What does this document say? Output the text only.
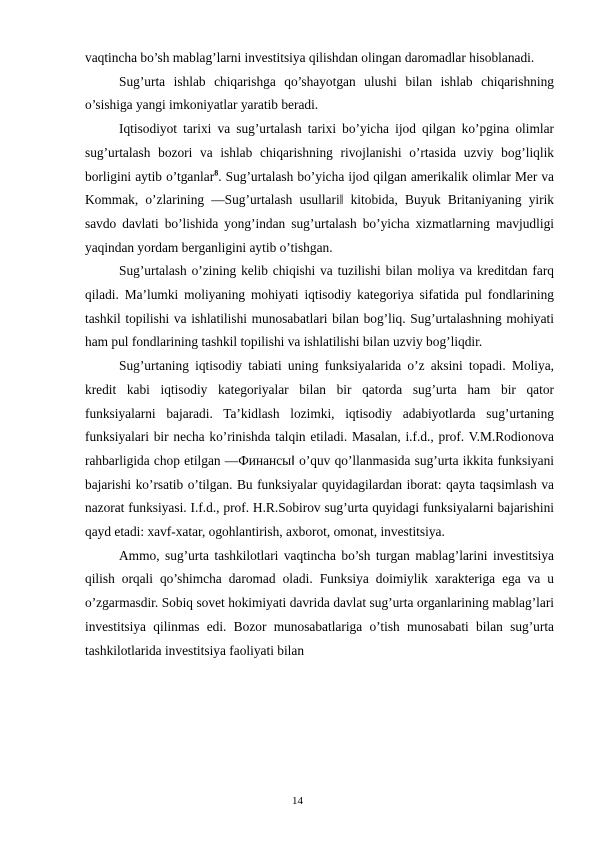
vaqtincha bo’sh mablag’larni investitsiya qilishdan olingan daromadlar hisoblanadi.

Sug’urta ishlab chiqarishga qo’shayotgan ulushi bilan ishlab chiqarishning o’sishiga yangi imkoniyatlar yaratib beradi.

Iqtisodiyot tarixi va sug’urtalash tarixi bo’yicha ijod qilgan ko’pgina olimlar sug’urtalash bozori va ishlab chiqarishning rivojlanishi o’rtasida uzviy bog’liqlik borligini aytib o’tganlar$^8$. Sug’urtalash bo’yicha ijod qilgan amerikalik olimlar Mer va Kommak, o’zlarining ―Sug’urtalash usullari‖ kitobida, Buyuk Britaniyaning yirik savdo davlati bo’lishida yong’indan sug’urtalash bo’yicha xizmatlarning mavjudligi yaqindan yordam berganligini aytib o’tishgan.

Sug’urtalash o’zining kelib chiqishi va tuzilishi bilan moliya va kreditdan farq qiladi. Ma’lumki moliyaning mohiyati iqtisodiy kategoriya sifatida pul fondlarining tashkil topilishi va ishlatilishi munosabatlari bilan bog’liq. Sug’urtalashning mohiyati ham pul fondlarining tashkil topilishi va ishlatilishi bilan uzviy bog’liqdir.

Sug’urtaning iqtisodiy tabiati uning funksiyalarida o’z aksini topadi. Moliya, kredit kabi iqtisodiy kategoriyalar bilan bir qatorda sug’urta ham bir qator funksiyalarni bajaradi. Ta’kidlash lozimki, iqtisodiy adabiyotlarda sug’urtaning funksiyalari bir necha ko’rinishda talqin etiladi. Masalan, i.f.d., prof. V.M.Rodionova rahbarligida chop etilgan ―Финансы‖ o’quv qo’llanmasida sug’urta ikkita funksiyani bajarishi ko’rsatib o’tilgan. Bu funksiyalar quyidagilardan iborat: qayta taqsimlash va nazorat funksiyasi. I.f.d., prof. H.R.Sobirov sug’urta quyidagi funksiyalarni bajarishini qayd etadi: xavf-xatar, ogohlantirish, axborot, omonat, investitsiya.

Ammo, sug’urta tashkilotlari vaqtincha bo’sh turgan mablag’larini investitsiya qilish orqali qo’shimcha daromad oladi. Funksiya doimiylik xarakteriga ega va u o’zgarmasdir. Sobiq sovet hokimiyati davrida davlat sug’urta organlarining mablag’lari investitsiya qilinmas edi. Bozor munosabatlariga o’tish munosabati bilan sug’urta tashkilotlarida investitsiya faoliyati bilan

14
